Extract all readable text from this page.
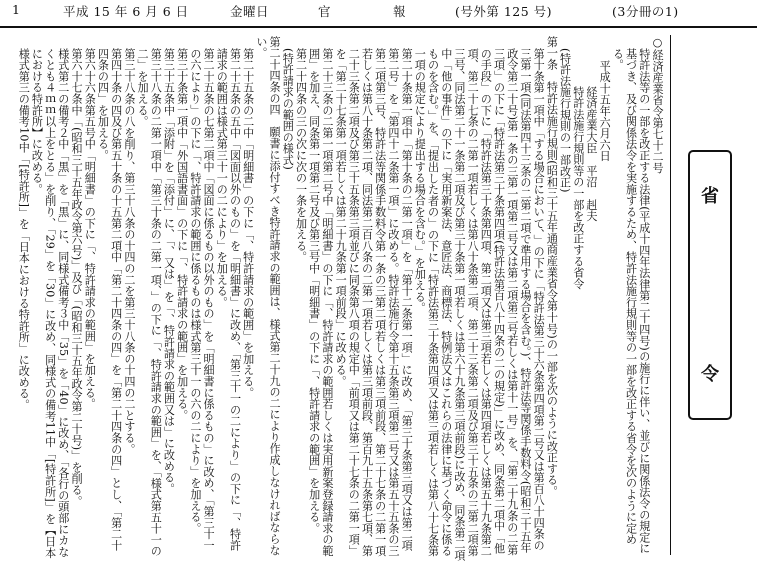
1	平成 15 年 6 月 6 日	金曜日	官	報	(号外第 125 号)	(3分冊の1)
省
令

○経済産業省令第七十二号

特許法等の一部を改正する法律(平成十四年法律第二十四号)の施行に伴い、並びに関係法令の規定に基づき、及び関係法令を実施するため、特許法施行規則等の一部を改正する省令を次のように定める。

平成十五年六月六日

経済産業大臣　平沼　赳夫

特許法施行規則等の一部を改正する省令

(特許法施行規則の一部改正)

第一条　特許法施行規則(昭和三十五年通商産業省令第十号)の一部を次のように改正する。

第十条第一項中「する場合において、」の下に「特許法第三十六条第四項第二号又は第百八十四条の三第一項(同法第四十三条の二第二項で準用する場合を含む。)、特許法等関係手数料令(昭和三十五年政令第二十号)第一条の三第一項第二号又は第二項第三号若しくは第十一号」を、「第二十九条の二第三項」の下に「特許法第三十条第四項(特許法第百八十四条の二の規定)」に改め、同条第二項中「他の手段」の下に「特許法第三十条第四項、第二項又は第三項若しくは第四項若しくは第五十九条第二項、第二十七条の二第一項若しくは第八十条第二項、第二十三条第二項及び第三十五条の三第二項第三号、同法第二十一条第二項及び第三十条第一項若しくは第六十九条第三項前段)に改め、同条第二項中「他の事件」の下に「実用新案法、意匠法、商標法、特例法又はこれらの法律に基づく命令に係るものを含む。」を、「提出した者の」の下に「特許法第三十条第四項又は第三項若しくは第八十七条第一項の規定により提出する場合を含む。」を加える。

第二十条第一項中「第十条の二第一項」を「第十二条第一項」に改め、「第三十条第三項又は第二項第二号」を「第四十二条第一項」に改める。特許法施行令第十五条第三項第二号又は第五十五条の三第二項第三号、特許法等関係手数料令第一条の三第二項若しくは第三項前段、第二十七条の二第一項若しくは第八十条第二項、同法第二百八条の二第一項若しくは第三項前段、第百九十五条第七項、第二十三条第二項及び第三十五条第三項並びに同条第八項の規定中「前項又は第二十七条の二第一項」を「第二十七条第一項若しくは第二十九条第一項前段」に改める。

第二十三条の二第一項第二号中「明細書」の下に「、特許請求の範囲若しくは実用新案登録請求の範囲」を加え、同条第一項第二号及び第三号中「明細書」の下に「、特許請求の範囲」を加える。

第二十四条の三の次に次の一条を加える。

(特許請求の範囲の様式)

第二十四条の四　願書に添付すべき特許請求の範囲は、様式第二十九の二により作成しなければならない。

第二十五条の二中「明細書」の下に「、特許請求の範囲」を加える。

第二十五条の五中「図面以外のもの」を「明細書」に改め、「第三十一の二により」の下に「、特許請求の範囲は様式第三十一の二により」を加える。

第二十五条の七第二項中「図面に係るもの以外のもの」を「明細書に係るもの」に改め、「第三十一の六により」の下に「、特許請求の範囲に係るものは様式第三十一の六の二により」を加える。

第三十条第一項中「外国語書面」の下に「、特許請求の範囲」を加える。

第三十五条中「添附」を「添付」に、「、又は」を「、特許請求の範囲又は」に改める。

第三十八条の二第一項中「第三十条の二第一項、」の下に「、特許請求の範囲」を、「様式第五十一の二」を加える。

第三十八条の八を削り、第三十八条の十四の二を第三十八条の十四の二とする。

第四十条の四及び第五十条の十五第二項中「第二十四条の四」を「第二十四条の四」とし、「第二十四条の四」を加える。

第六十六条第五号中「明細書」の下に「、特許請求の範囲」を加える。

第六十七条中「(昭和三十五年政令第六号)」及び「(昭和三十五年政令第二十号)」を削る。

様式第二の備考２中「黒」を「黒」に、同様式備考３中「35」を「40」に改め、「各行の頭部にカなくとも４ｍｍ以上をとる」を削り、「29」を「30」に改め、同様式の備考11中「[特許所]」を【日本における特許所】に改める。

様式第三の備考10中「[特許所]」を「日本における特許所」に改める。
